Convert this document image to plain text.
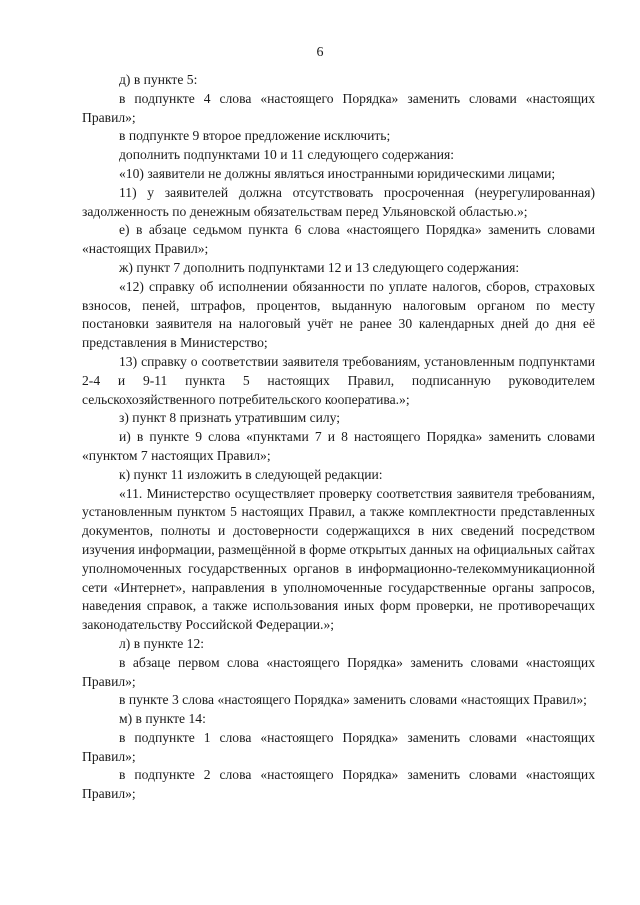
6

д) в пункте 5:

в подпункте 4 слова «настоящего Порядка» заменить словами «настоящих Правил»;

в подпункте 9 второе предложение исключить;

дополнить подпунктами 10 и 11 следующего содержания:

«10) заявители не должны являться иностранными юридическими лицами;

11) у заявителей должна отсутствовать просроченная (неурегулированная) задолженность по денежным обязательствам перед Ульяновской областью.»;

е) в абзаце седьмом пункта 6 слова «настоящего Порядка» заменить словами «настоящих Правил»;

ж) пункт 7 дополнить подпунктами 12 и 13 следующего содержания:

«12) справку об исполнении обязанности по уплате налогов, сборов, страховых взносов, пеней, штрафов, процентов, выданную налоговым органом по месту постановки заявителя на налоговый учёт не ранее 30 календарных дней до дня её представления в Министерство;

13) справку о соответствии заявителя требованиям, установленным подпунктами 2-4 и 9-11 пункта 5 настоящих Правил, подписанную руководителем сельскохозяйственного потребительского кооператива.»;

з) пункт 8 признать утратившим силу;

и) в пункте 9 слова «пунктами 7 и 8 настоящего Порядка» заменить словами «пунктом 7 настоящих Правил»;

к) пункт 11 изложить в следующей редакции:

«11. Министерство осуществляет проверку соответствия заявителя требованиям, установленным пунктом 5 настоящих Правил, а также комплектности представленных документов, полноты и достоверности содержащихся в них сведений посредством изучения информации, размещённой в форме открытых данных на официальных сайтах уполномоченных государственных органов в информационно-телекоммуникационной сети «Интернет», направления в уполномоченные государственные органы запросов, наведения справок, а также использования иных форм проверки, не противоречащих законодательству Российской Федерации.»;

л) в пункте 12:

в абзаце первом слова «настоящего Порядка» заменить словами «настоящих Правил»;

в пункте 3 слова «настоящего Порядка» заменить словами «настоящих Правил»;

м) в пункте 14:

в подпункте 1 слова «настоящего Порядка» заменить словами «настоящих Правил»;

в подпункте 2 слова «настоящего Порядка» заменить словами «настоящих Правил»;
